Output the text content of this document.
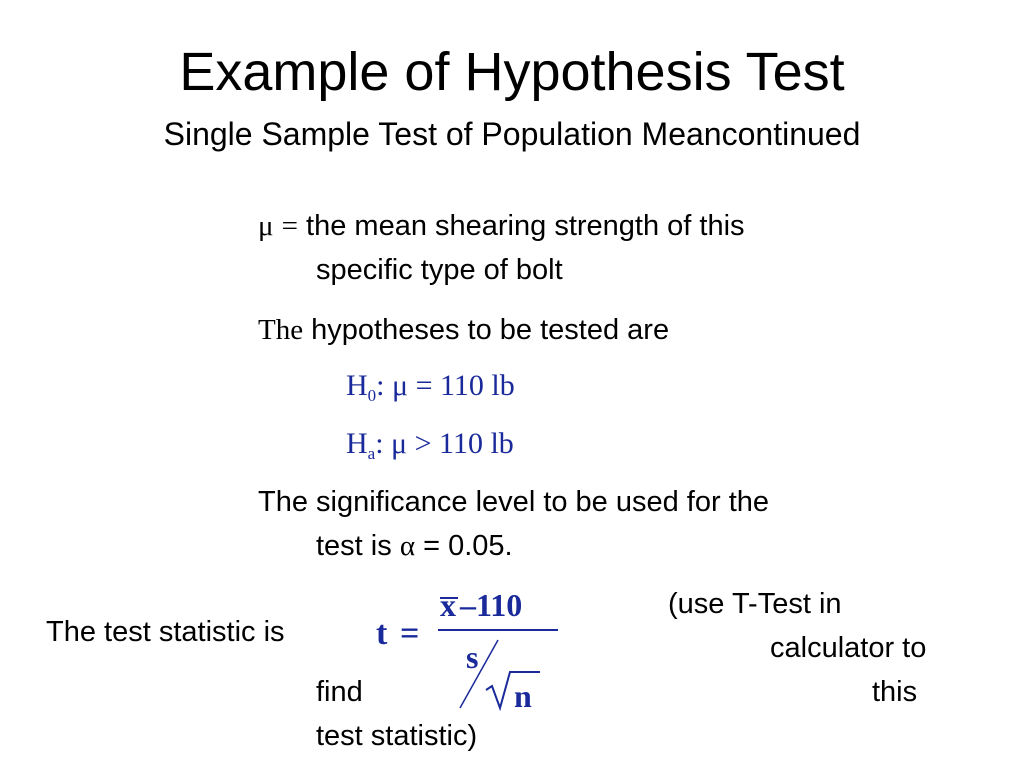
Example of Hypothesis Test
Single Sample Test of Population Meancontinued
μ = the mean shearing strength of this
specific type of bolt
The hypotheses to be tested are
$H_0$: μ = 110 lb
$H_a$: μ > 110 lb
The significance level to be used for the
test is α = 0.05.
The test statistic is	t =
x –110
s
n
(use T-Test in
calculator to
find	this
test statistic)
